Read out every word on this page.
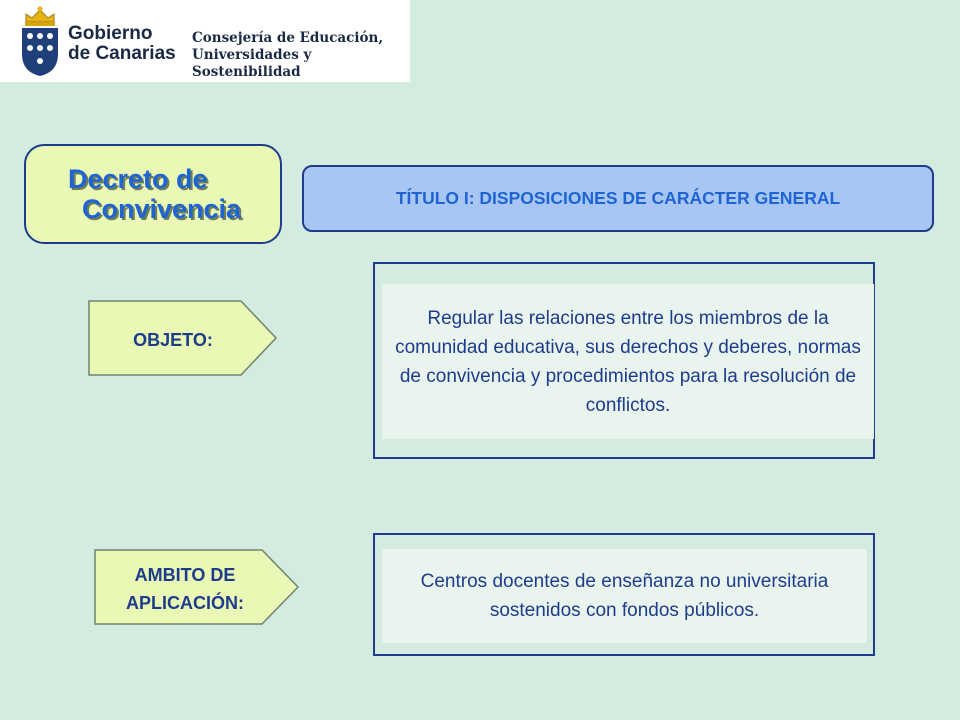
Gobierno
de Canarias
Consejería de Educación,
Universidades y Sostenibilidad
Decreto de
Convivencia	TÍTULO I: DISPOSICIONES DE CARÁCTER GENERAL
OBJETO:
Regular las relaciones entre los miembros de la comunidad educativa, sus derechos y deberes, normas de convivencia y procedimientos para la resolución de conflictos.
AMBITO DE
APLICACIÓN:
Centros docentes de enseñanza no universitaria sostenidos con fondos públicos.
